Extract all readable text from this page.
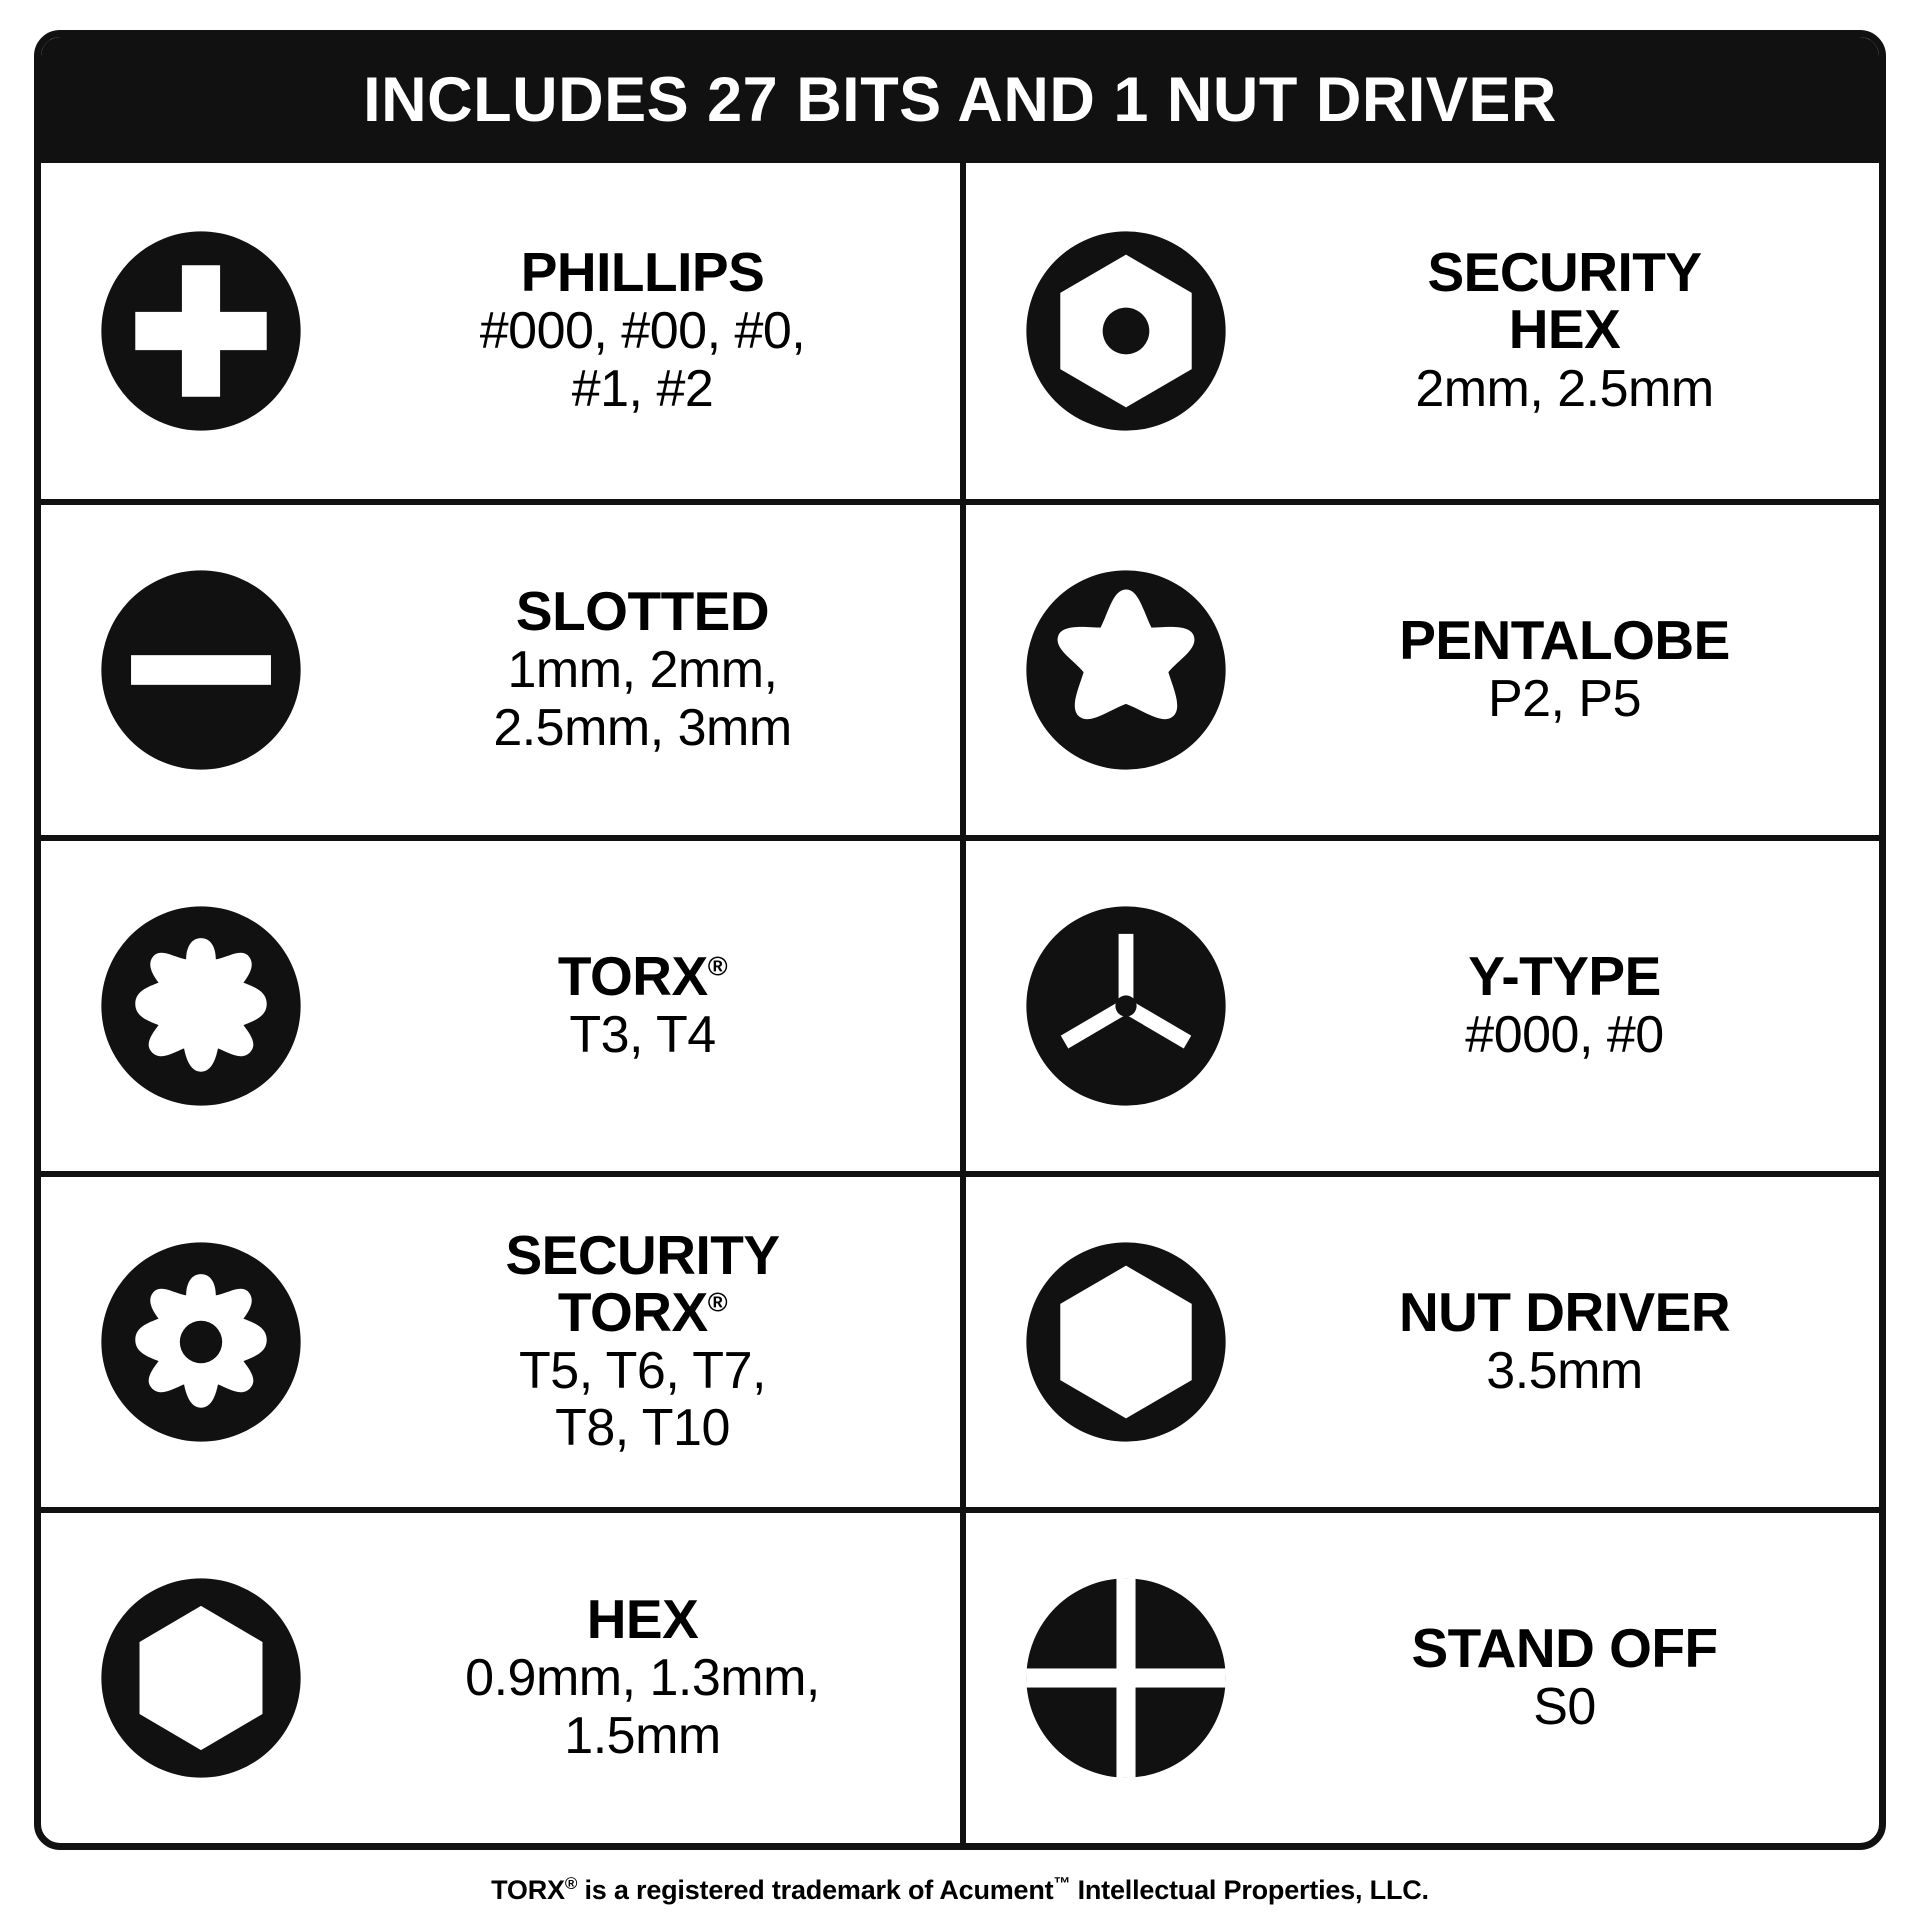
INCLUDES 27 BITS AND 1 NUT DRIVER
PHILLIPS
#000, #00, #0,
#1, #2
SECURITY
HEX
2mm, 2.5mm
SLOTTED
1mm, 2mm,
2.5mm, 3mm
PENTALOBE
P2, P5
TORX®
T3, T4
Y-TYPE
#000, #0
SECURITY
TORX®
T5, T6, T7,
T8, T10
NUT DRIVER
3.5mm
HEX
0.9mm, 1.3mm,
1.5mm
STAND OFF
S0
TORX® is a registered trademark of Acument™ Intellectual Properties, LLC.
